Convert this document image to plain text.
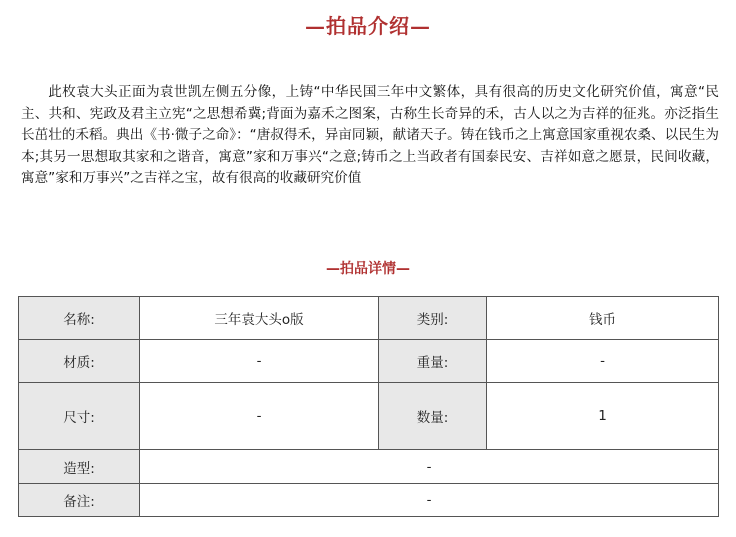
—拍品介绍—

此枚袁大头正面为袁世凯左侧五分像，上铸“中华民国三年中文繁体，具有很高的历史文化研究价值，寓意“民主、共和、宪政及君主立宪“之思想希冀;背面为嘉禾之图案，古称生长奇异的禾，古人以之为吉祥的征兆。亦泛指生长茁壮的禾稻。典出《书·微子之命》：“唐叔得禾，异亩同颖，献诸天子。铸在钱币之上寓意国家重视农桑、以民生为本;其另一思想取其家和之谐音，寓意”家和万事兴“之意;铸币之上当政者有国泰民安、吉祥如意之愿景，民间收藏，寓意”家和万事兴”之吉祥之宝，故有很高的收藏研究价值

—拍品详情—
名称:	三年袁大头o版	类别:	钱币
材质:	-	重量:	-
尺寸:	-	数量:	1
造型:	-		
备注:	-		
